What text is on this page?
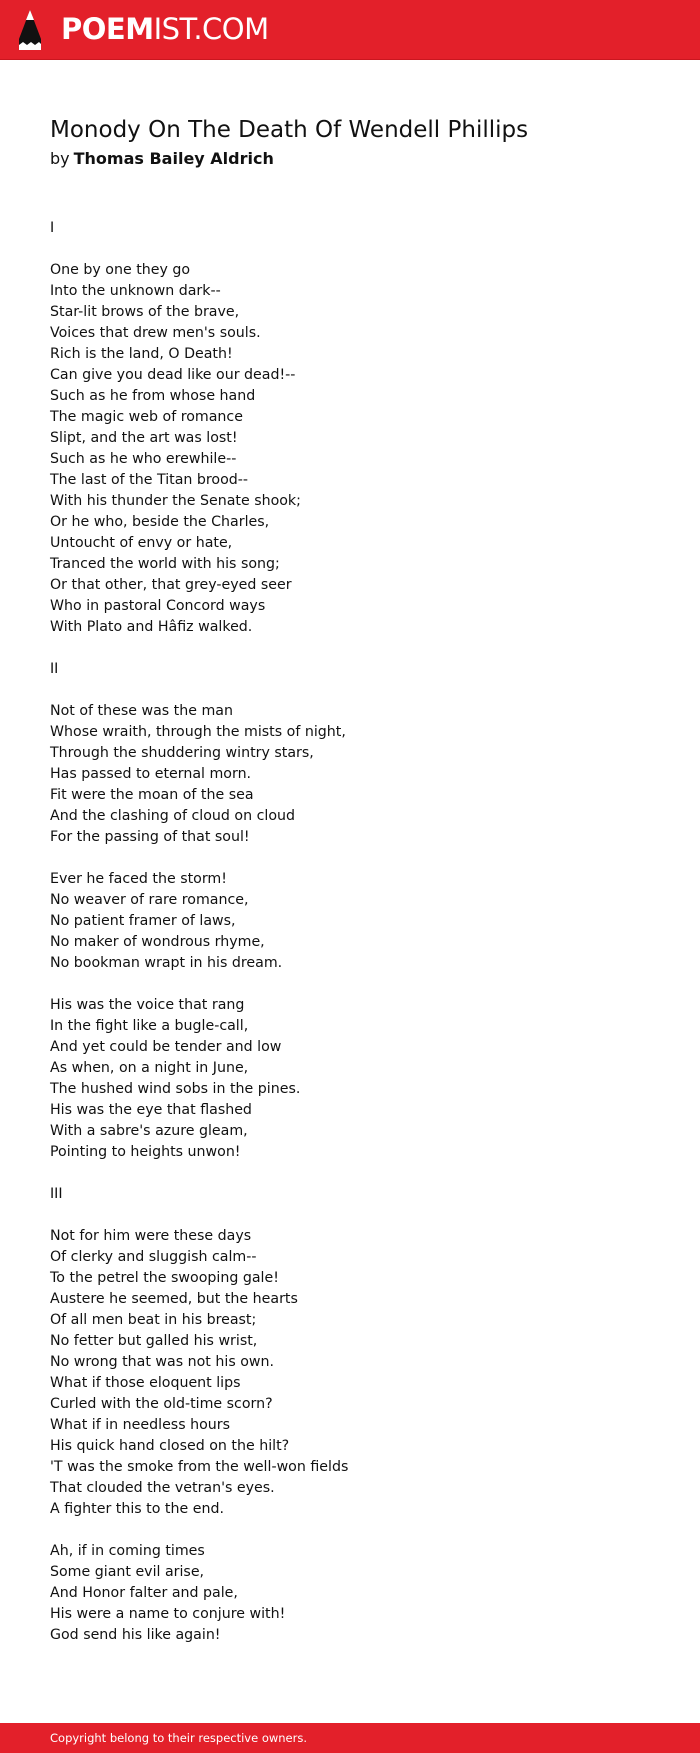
POEMIST.COM
Monody On The Death Of Wendell Phillips
by Thomas Bailey Aldrich
I

One by one they go
Into the unknown dark--
Star-lit brows of the brave,
Voices that drew men's souls.
Rich is the land, O Death!
Can give you dead like our dead!--
Such as he from whose hand
The magic web of romance
Slipt, and the art was lost!
Such as he who erewhile--
The last of the Titan brood--
With his thunder the Senate shook;
Or he who, beside the Charles,
Untoucht of envy or hate,
Tranced the world with his song;
Or that other, that grey-eyed seer
Who in pastoral Concord ways
With Plato and Hâfiz walked.

II

Not of these was the man
Whose wraith, through the mists of night,
Through the shuddering wintry stars,
Has passed to eternal morn.
Fit were the moan of the sea
And the clashing of cloud on cloud
For the passing of that soul!

Ever he faced the storm!
No weaver of rare romance,
No patient framer of laws,
No maker of wondrous rhyme,
No bookman wrapt in his dream.

His was the voice that rang
In the fight like a bugle-call,
And yet could be tender and low
As when, on a night in June,
The hushed wind sobs in the pines.
His was the eye that flashed
With a sabre's azure gleam,
Pointing to heights unwon!

III

Not for him were these days
Of clerky and sluggish calm--
To the petrel the swooping gale!
Austere he seemed, but the hearts
Of all men beat in his breast;
No fetter but galled his wrist,
No wrong that was not his own.
What if those eloquent lips
Curled with the old-time scorn?
What if in needless hours
His quick hand closed on the hilt?
'T was the smoke from the well-won fields
That clouded the vetran's eyes.
A fighter this to the end.

Ah, if in coming times
Some giant evil arise,
And Honor falter and pale,
His were a name to conjure with!
God send his like again!
Copyright belong to their respective owners.
